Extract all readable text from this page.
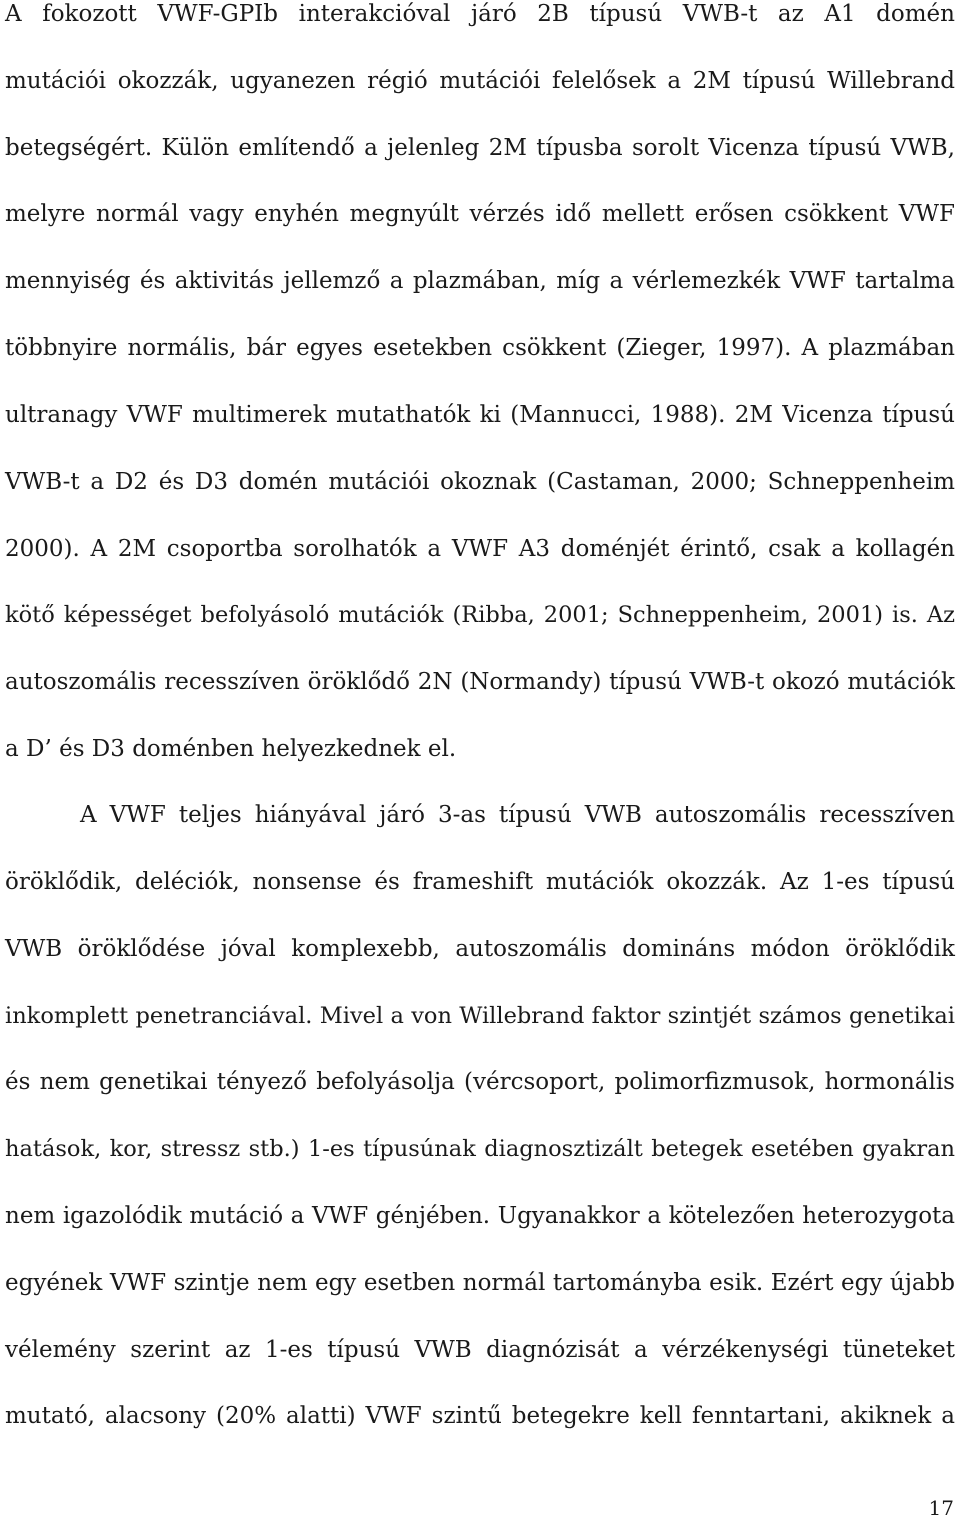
A fokozott VWF-GPIb interakcióval járó 2B típusú VWB-t az A1 domén
mutációi okozzák, ugyanezen régió mutációi felelősek a 2M típusú Willebrand
betegségért. Külön említendő a jelenleg 2M típusba sorolt Vicenza típusú VWB,
melyre normál vagy enyhén megnyúlt vérzés idő mellett erősen csökkent VWF
mennyiség és aktivitás jellemző a plazmában, míg a vérlemezkék VWF tartalma
többnyire normális, bár egyes esetekben csökkent (Zieger, 1997). A plazmában
ultranagy VWF multimerek mutathatók ki (Mannucci, 1988). 2M Vicenza típusú
VWB-t a D2 és D3 domén mutációi okoznak (Castaman, 2000; Schneppenheim
2000). A 2M csoportba sorolhatók a VWF A3 doménjét érintő, csak a kollagén
kötő képességet befolyásoló mutációk (Ribba, 2001; Schneppenheim, 2001) is. Az
autoszomális recesszíven öröklődő 2N (Normandy) típusú VWB-t okozó mutációk
a D’ és D3 doménben helyezkednek el.
A VWF teljes hiányával járó 3-as típusú VWB autoszomális recesszíven
öröklődik, deléciók, nonsense és frameshift mutációk okozzák. Az 1-es típusú
VWB öröklődése jóval komplexebb, autoszomális domináns módon öröklődik
inkomplett penetranciával. Mivel a von Willebrand faktor szintjét számos genetikai
és nem genetikai tényező befolyásolja (vércsoport, polimorfizmusok, hormonális
hatások, kor, stressz stb.) 1-es típusúnak diagnosztizált betegek esetében gyakran
nem igazolódik mutáció a VWF génjében. Ugyanakkor a kötelezően heterozygota
egyének VWF szintje nem egy esetben normál tartományba esik. Ezért egy újabb
vélemény szerint az 1-es típusú VWB diagnózisát a vérzékenységi tüneteket
mutató, alacsony (20% alatti) VWF szintű betegekre kell fenntartani, akiknek a
17
